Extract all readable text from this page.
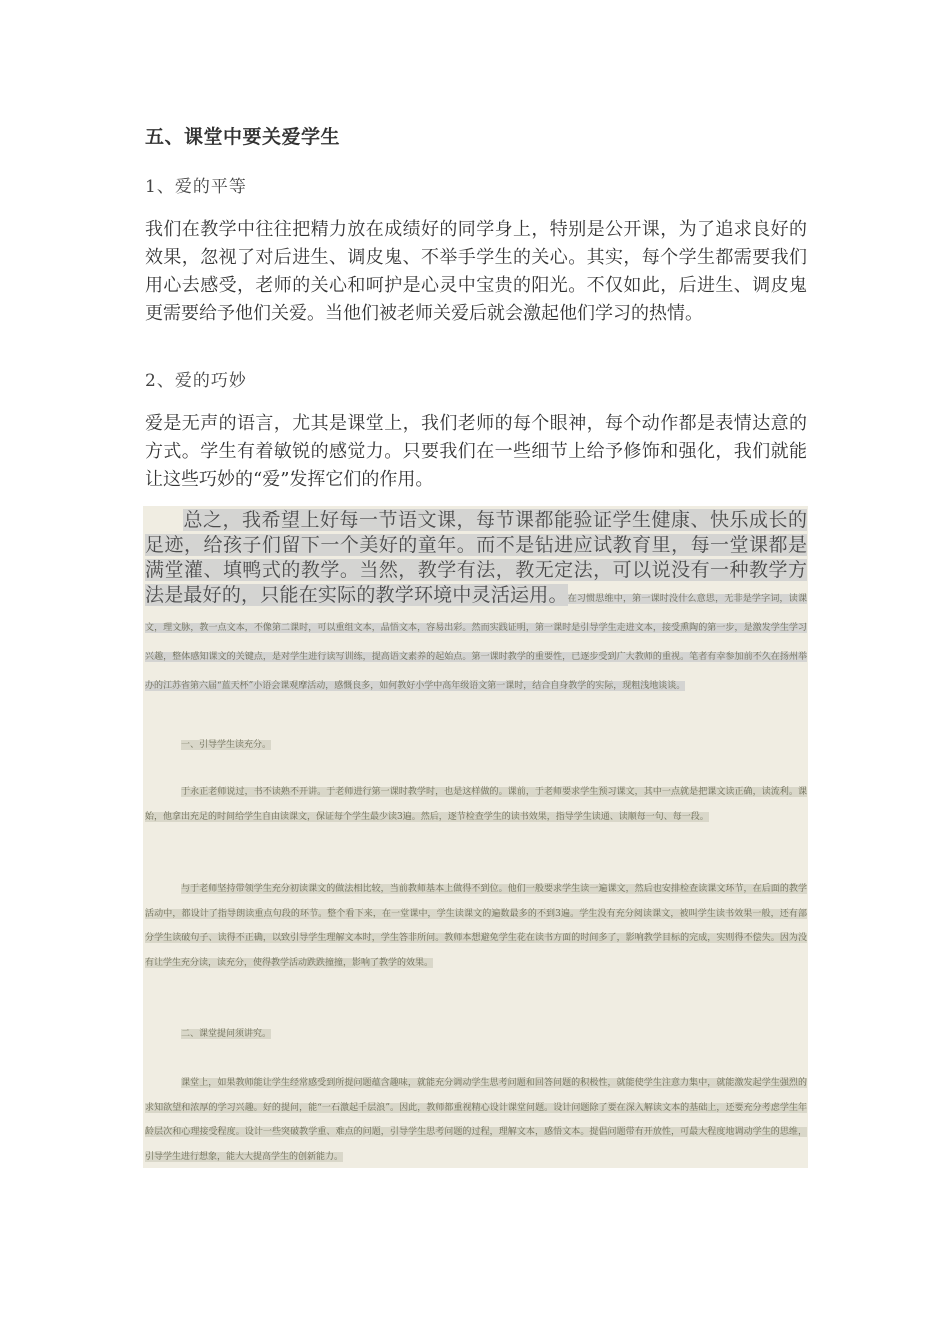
五、课堂中要关爱学生

1、爱的平等

我们在教学中往往把精力放在成绩好的同学身上，特别是公开课，为了追求良好的效果，忽视了对后进生、调皮鬼、不举手学生的关心。其实，每个学生都需要我们用心去感受，老师的关心和呵护是心灵中宝贵的阳光。不仅如此，后进生、调皮鬼更需要给予他们关爱。当他们被老师关爱后就会激起他们学习的热情。

2、爱的巧妙

爱是无声的语言，尤其是课堂上，我们老师的每个眼神，每个动作都是表情达意的方式。学生有着敏锐的感觉力。只要我们在一些细节上给予修饰和强化，我们就能让这些巧妙的“爱”发挥它们的作用。

总之，我希望上好每一节语文课，每节课都能验证学生健康、快乐成长的足迹，给孩子们留下一个美好的童年。而不是钻进应试教育里，每一堂课都是满堂灌、填鸭式的教学。当然，教学有法，教无定法，可以说没有一种教学方法是最好的，只能在实际的教学环境中灵活运用。在习惯思维中，第一课时没什么意思，无非是学字词，读课文，理文脉，教一点文本，不像第二课时，可以重组文本，品悟文本，容易出彩。然而实践证明，第一课时是引导学生走进文本，接受熏陶的第一步，是激发学生学习兴趣，整体感知课文的关键点，是对学生进行读写训练，提高语文素养的起始点。第一课时教学的重要性，已逐步受到广大教师的重视。笔者有幸参加前不久在扬州举办的江苏省第六届“蓝天杯”小语会课观摩活动，感慨良多，如何教好小学中高年级语文第一课时，结合自身教学的实际，现粗浅地谈谈。

一、引导学生读充分。

于永正老师说过，书不读熟不开讲。于老师进行第一课时教学时，也是这样做的。课前，于老师要求学生预习课文，其中一点就是把课文读正确，读流利。课始，他拿出充足的时间给学生自由读课文，保证每个学生最少读3遍。然后，逐节检查学生的读书效果，指导学生读通、读顺每一句、每一段。

与于老师坚持带领学生充分初读课文的做法相比较，当前教师基本上做得不到位。他们一般要求学生读一遍课文，然后也安排检查读课文环节，在后面的教学活动中，都设计了指导朗读重点句段的环节。整个看下来，在一堂课中，学生读课文的遍数最多的不到3遍。学生没有充分阅读课文，被叫学生读书效果一般，还有部分学生读破句子、读得不正确，以致引导学生理解文本时，学生答非所问。教师本想避免学生花在读书方面的时间多了，影响教学目标的完成，实则得不偿失。因为没有让学生充分读，读充分，使得教学活动跌跌撞撞，影响了教学的效果。

二、课堂提问须讲究。

课堂上，如果教师能让学生经常感受到所提问题蕴含趣味，就能充分调动学生思考问题和回答问题的积极性，就能使学生注意力集中，就能激发起学生强烈的求知欲望和浓厚的学习兴趣。好的提问，能“一石激起千层浪”。因此，教师都重视精心设计课堂问题。设计问题除了要在深入解读文本的基础上，还要充分考虑学生年龄层次和心理接受程度。设计一些突破教学重、难点的问题，引导学生思考问题的过程，理解文本，感悟文本。提倡问题带有开放性，可最大程度地调动学生的思维，引导学生进行想象，能大大提高学生的创新能力。
